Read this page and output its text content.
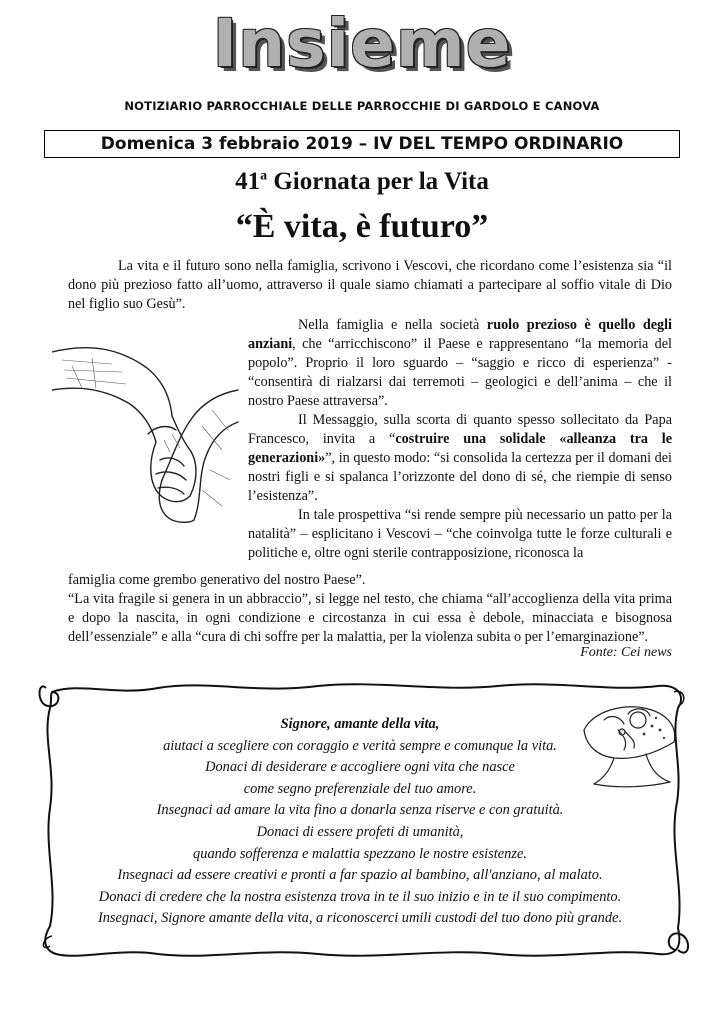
Insieme
NOTIZIARIO PARROCCHIALE DELLE PARROCCHIE DI GARDOLO E CANOVA
Domenica 3 febbraio 2019 – IV DEL TEMPO ORDINARIO
41$^a$ Giornata per la Vita
“È vita, è futuro”
La vita e il futuro sono nella famiglia, scrivono i Vescovi, che ricordano come l’esistenza sia “il dono più prezioso fatto all’uomo, attraverso il quale siamo chiamati a partecipare al soffio vitale di Dio nel figlio suo Gesù”.

Nella famiglia e nella società ruolo prezioso è quello degli anziani, che “arricchiscono” il Paese e rappresentano “la memoria del popolo”. Proprio il loro sguardo – “saggio e ricco di esperienza” - “consentirà di rialzarsi dai terremoti – geologici e dell’anima – che il nostro Paese attraversa”.

Il Messaggio, sulla scorta di quanto spesso sollecitato da Papa Francesco, invita a “costruire una solidale «alleanza tra le generazioni»”, in questo modo: “si consolida la certezza per il domani dei nostri figli e si spalanca l’orizzonte del dono di sé, che riempie di senso l’esistenza”.

In tale prospettiva “si rende sempre più necessario un patto per la natalità” – esplicitano i Vescovi – “che coinvolga tutte le forze culturali e politiche e, oltre ogni sterile contrapposizione, riconosca la

famiglia come grembo generativo del nostro Paese”.

“La vita fragile si genera in un abbraccio”, si legge nel testo, che chiama “all’accoglienza della vita prima e dopo la nascita, in ogni condizione e circostanza in cui essa è debole, minacciata e bisognosa dell’essenziale” e alla “cura di chi soffre per la malattia, per la violenza subita o per l’emarginazione”.

Fonte: Cei news
Signore, amante della vita,
aiutaci a scegliere con coraggio e verità sempre e comunque la vita.
Donaci di desiderare e accogliere ogni vita che nasce
come segno preferenziale del tuo amore.
Insegnaci ad amare la vita fino a donarla senza riserve e con gratuità.
Donaci di essere profeti di umanità,
quando sofferenza e malattia spezzano le nostre esistenze.
Insegnaci ad essere creativi e pronti a far spazio al bambino, all'anziano, al malato.
Donaci di credere che la nostra esistenza trova in te il suo inizio e in te il suo compimento.
Insegnaci, Signore amante della vita, a riconoscerci umili custodi del tuo dono più grande.
